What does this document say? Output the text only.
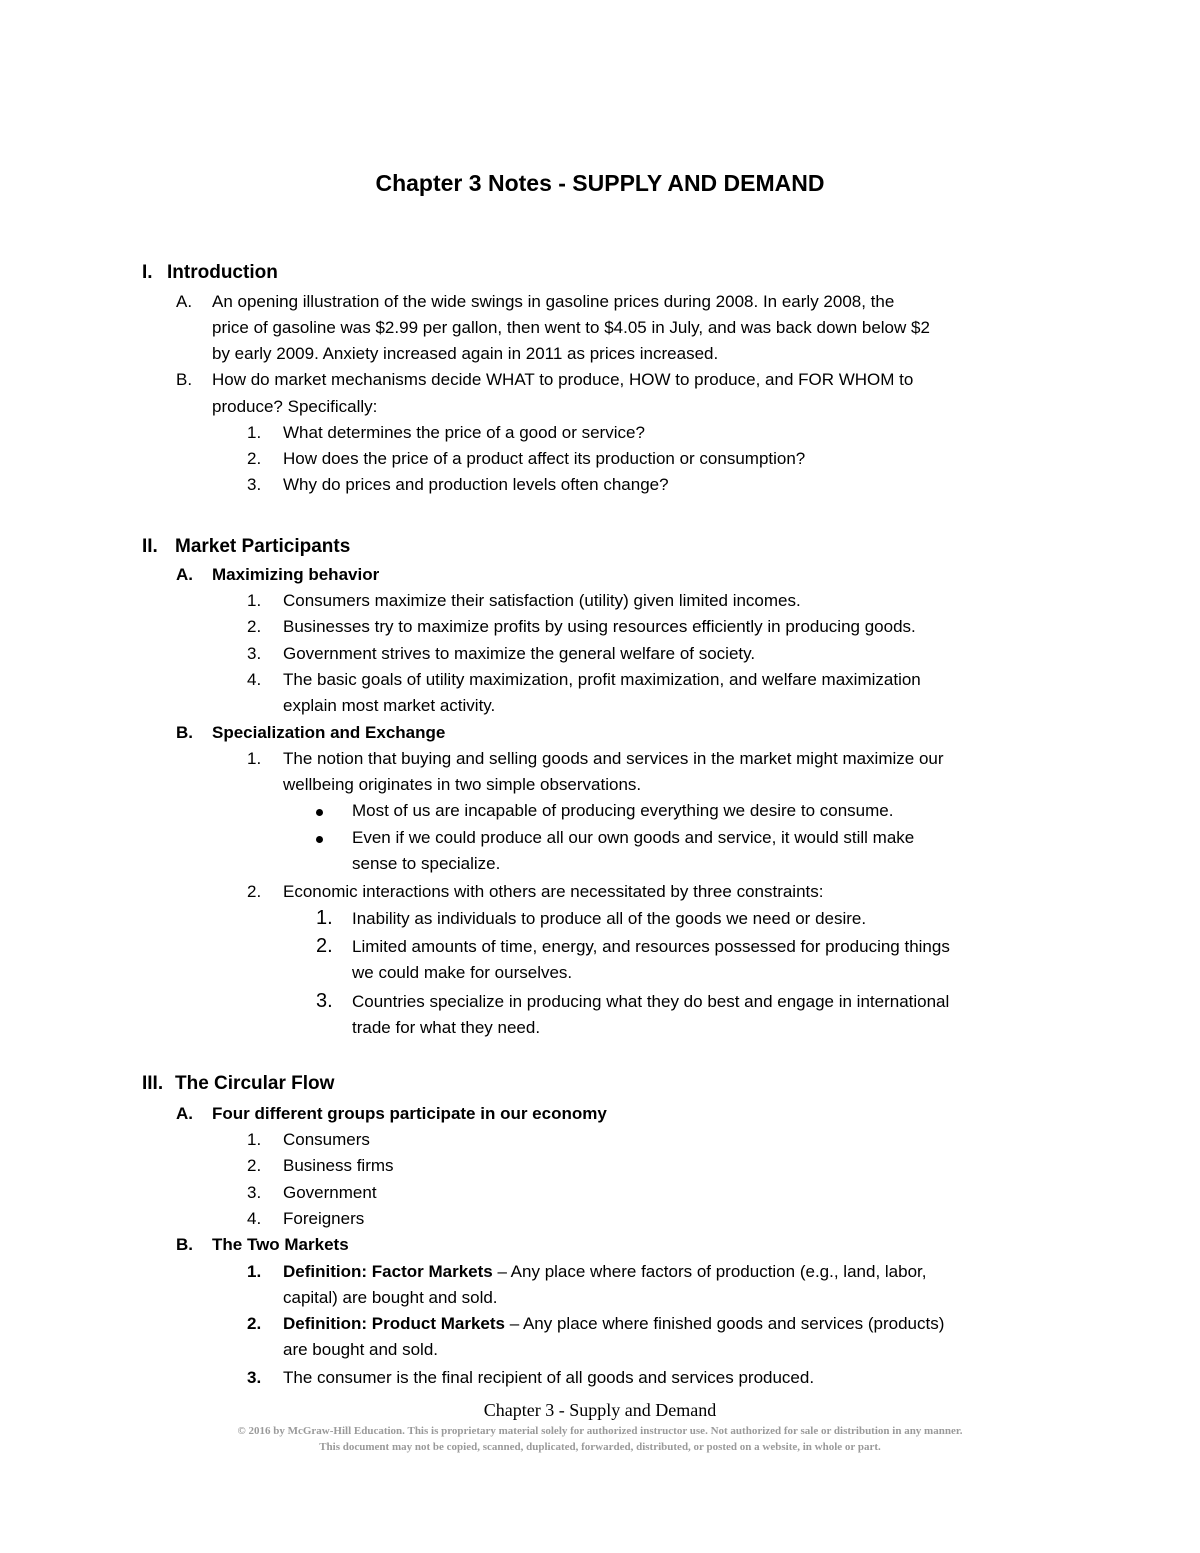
Chapter 3 Notes - SUPPLY AND DEMAND
I. Introduction
A. An opening illustration of the wide swings in gasoline prices during 2008. In early 2008, the
price of gasoline was $2.99 per gallon, then went to $4.05 in July, and was back down below $2
by early 2009. Anxiety increased again in 2011 as prices increased.
B. How do market mechanisms decide WHAT to produce, HOW to produce, and FOR WHOM to
produce? Specifically:
1. What determines the price of a good or service?
2. How does the price of a product affect its production or consumption?
3. Why do prices and production levels often change?
II. Market Participants
A. Maximizing behavior
1. Consumers maximize their satisfaction (utility) given limited incomes.
2. Businesses try to maximize profits by using resources efficiently in producing goods.
3. Government strives to maximize the general welfare of society.
4. The basic goals of utility maximization, profit maximization, and welfare maximization
explain most market activity.
B. Specialization and Exchange
1. The notion that buying and selling goods and services in the market might maximize our
wellbeing originates in two simple observations.
Most of us are incapable of producing everything we desire to consume.
Even if we could produce all our own goods and service, it would still make
sense to specialize.
2. Economic interactions with others are necessitated by three constraints:
1. Inability as individuals to produce all of the goods we need or desire.
2. Limited amounts of time, energy, and resources possessed for producing things
we could make for ourselves.
3. Countries specialize in producing what they do best and engage in international
trade for what they need.
III. The Circular Flow
A. Four different groups participate in our economy
1. Consumers
2. Business firms
3. Government
4. Foreigners
B. The Two Markets
1. Definition: Factor Markets – Any place where factors of production (e.g., land, labor,
capital) are bought and sold.
2. Definition: Product Markets – Any place where finished goods and services (products)
are bought and sold.
3. The consumer is the final recipient of all goods and services produced.
Chapter 3 - Supply and Demand
© 2016 by McGraw-Hill Education. This is proprietary material solely for authorized instructor use. Not authorized for sale or distribution in any manner.
This document may not be copied, scanned, duplicated, forwarded, distributed, or posted on a website, in whole or part.
